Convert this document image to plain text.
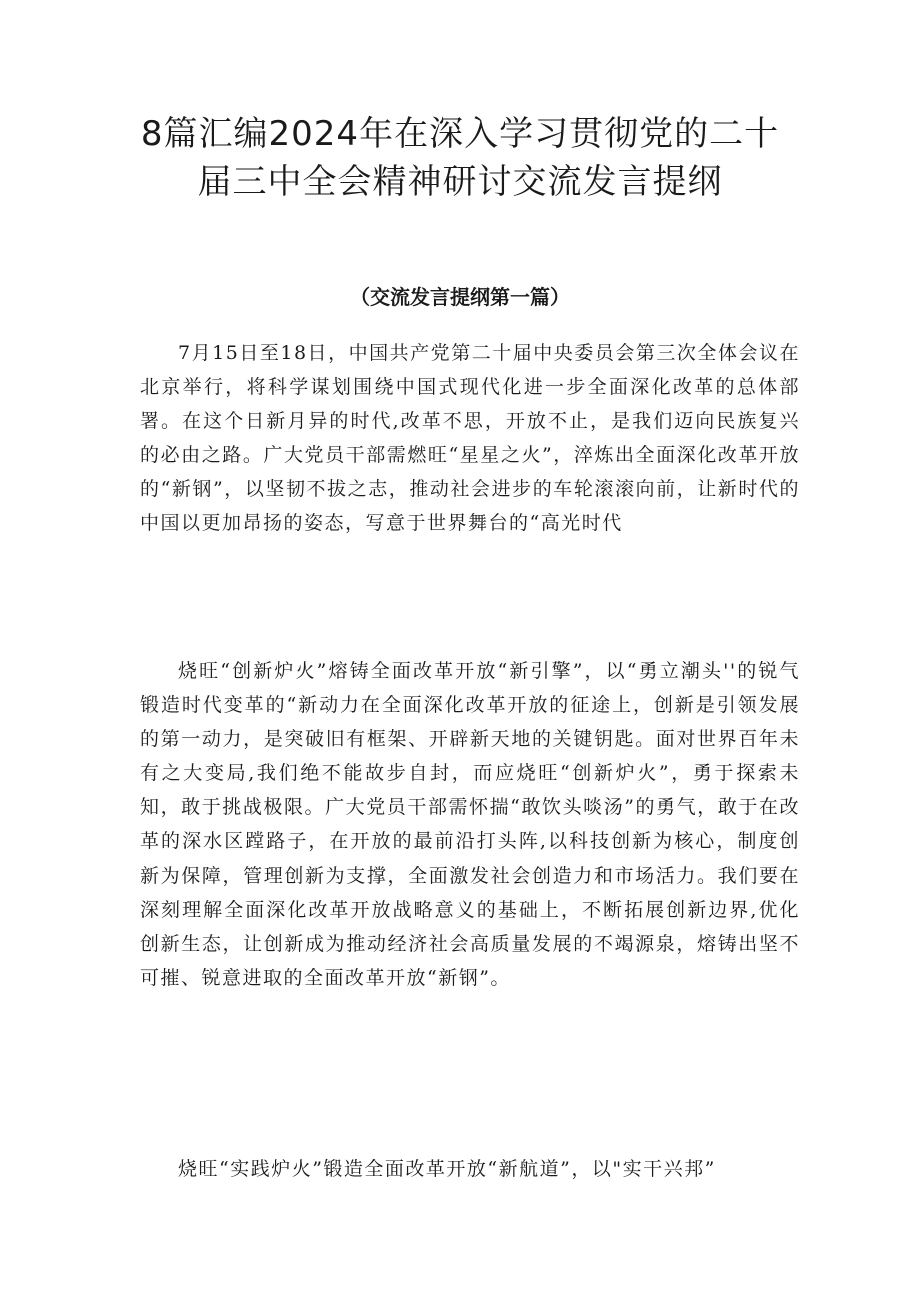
8篇汇编2024年在深入学习贯彻党的二十
届三中全会精神研讨交流发言提纲
（交流发言提纲第一篇）

7月15日至18日，中国共产党第二十届中央委员会第三次全体会议在北京举行，将科学谋划围绕中国式现代化进一步全面深化改革的总体部署。在这个日新月异的时代,改革不思，开放不止，是我们迈向民族复兴的必由之路。广大党员干部需燃旺“星星之火”，淬炼出全面深化改革开放的“新钢”，以坚韧不拔之志，推动社会进步的车轮滚滚向前，让新时代的中国以更加昂扬的姿态，写意于世界舞台的“高光时代

烧旺“创新炉火”熔铸全面改革开放“新引擎”，以“勇立潮头''的锐气锻造时代变革的“新动力在全面深化改革开放的征途上，创新是引领发展的第一动力，是突破旧有框架、开辟新天地的关键钥匙。面对世界百年未有之大变局,我们绝不能故步自封，而应烧旺“创新炉火”，勇于探索未知，敢于挑战极限。广大党员干部需怀揣“敢饮头啖汤”的勇气，敢于在改革的深水区蹚路子，在开放的最前沿打头阵,以科技创新为核心，制度创新为保障，管理创新为支撑，全面激发社会创造力和市场活力。我们要在深刻理解全面深化改革开放战略意义的基础上，不断拓展创新边界,优化创新生态，让创新成为推动经济社会高质量发展的不竭源泉，熔铸出坚不可摧、锐意进取的全面改革开放“新钢”。

烧旺“实践炉火”锻造全面改革开放“新航道”，以"实干兴邦”
